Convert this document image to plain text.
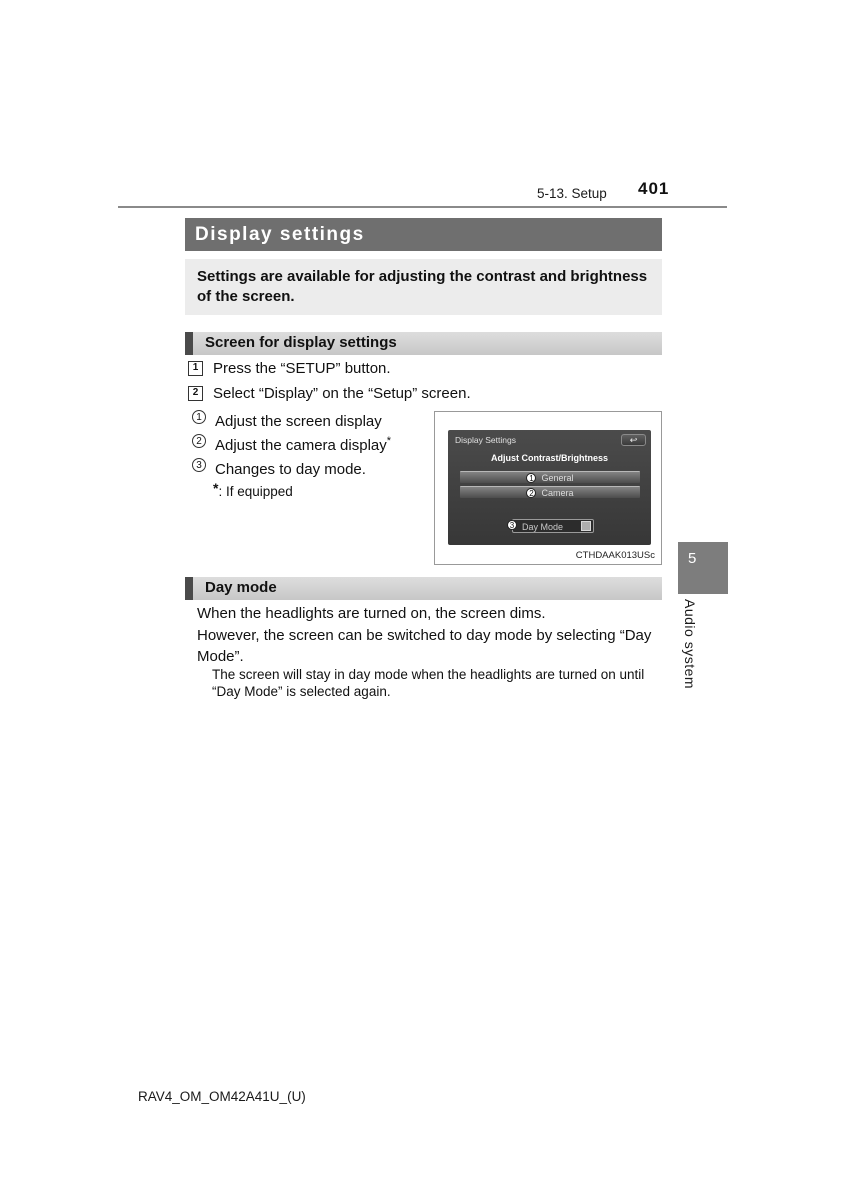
5-13. Setup 401
Display settings
Settings are available for adjusting the contrast and brightness of the screen.
Screen for display settings
1 Press the “SETUP” button.
2 Select “Display” on the “Setup” screen.
1 Adjust the screen display
2 Adjust the camera display*
3 Changes to day mode.
*: If equipped
Display Settings	↩
Adjust Contrast/Brightness
1 General
2 Camera
3 Day Mode
CTHDAAK013USc
Day mode
When the headlights are turned on, the screen dims.
However, the screen can be switched to day mode by selecting “Day Mode”.
The screen will stay in day mode when the headlights are turned on until “Day Mode” is selected again.
5
Audio system
RAV4_OM_OM42A41U_(U)
